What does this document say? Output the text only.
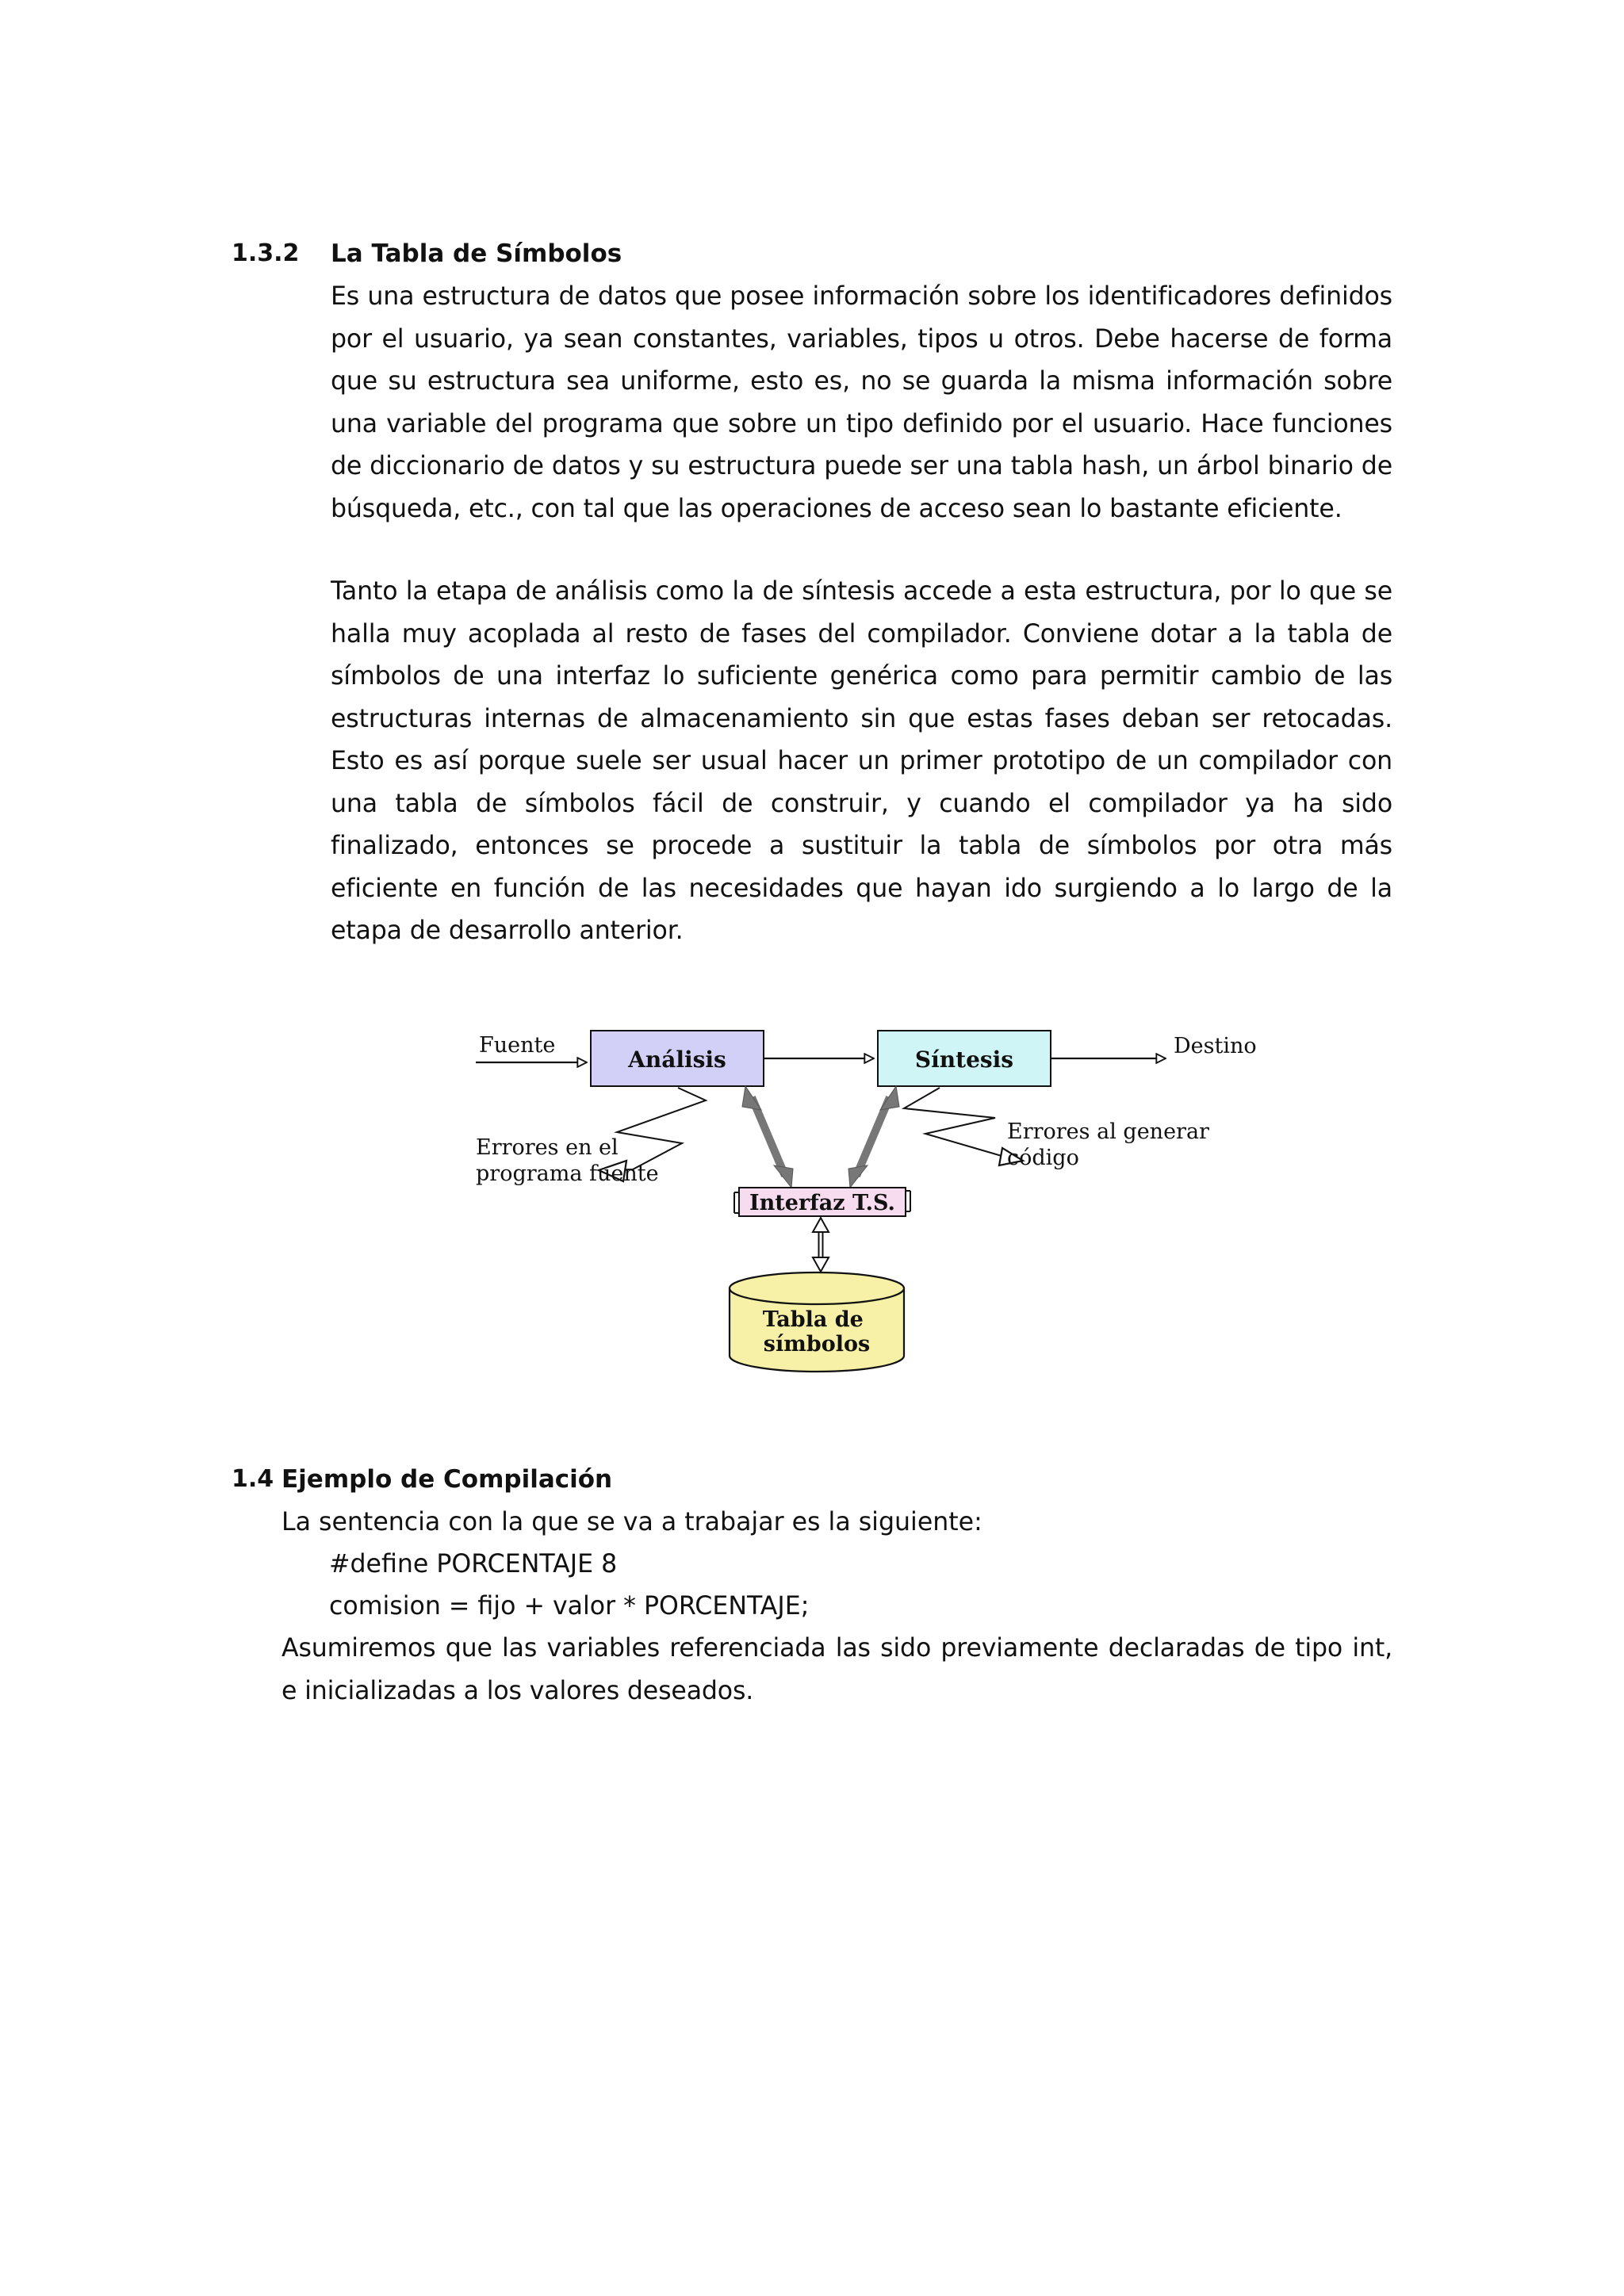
1.3.2 La Tabla de Símbolos

Es una estructura de datos que posee información sobre los identificadores definidos por el usuario, ya sean constantes, variables, tipos u otros. Debe hacerse de forma que su estructura sea uniforme, esto es, no se guarda la misma información sobre una variable del programa que sobre un tipo definido por el usuario. Hace funciones de diccionario de datos y su estructura puede ser una tabla hash, un árbol binario de búsqueda, etc., con tal que las operaciones de acceso sean lo bastante eficiente.

Tanto la etapa de análisis como la de síntesis accede a esta estructura, por lo que se halla muy acoplada al resto de fases del compilador. Conviene dotar a la tabla de símbolos de una interfaz lo suficiente genérica como para permitir cambio de las estructuras internas de almacenamiento sin que estas fases deban ser retocadas. Esto es así porque suele ser usual hacer un primer prototipo de un compilador con una tabla de símbolos fácil de construir, y cuando el compilador ya ha sido finalizado, entonces se procede a sustituir la tabla de símbolos por otra más eficiente en función de las necesidades que hayan ido surgiendo a lo largo de la etapa de desarrollo anterior.

Fuente
Análisis	Síntesis
Destino
Errores en el programa fuente
Errores al generar código
Interfaz T.S.
Tabla de símbolos
1.4 Ejemplo de Compilación
La sentencia con la que se va a trabajar es la siguiente:
#define PORCENTAJE 8
comision = fijo + valor * PORCENTAJE;

Asumiremos que las variables referenciada las sido previamente declaradas de tipo int, e inicializadas a los valores deseados.
